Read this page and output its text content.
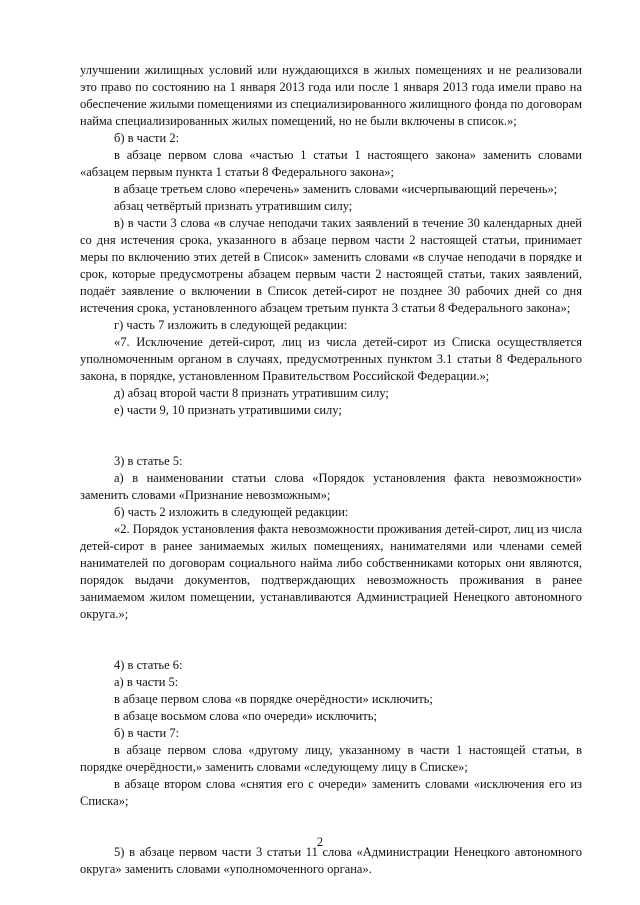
улучшении жилищных условий или нуждающихся в жилых помещениях и не реализовали это право по состоянию на 1 января 2013 года или после 1 января 2013 года имели право на обеспечение жилыми помещениями из специализированного жилищного фонда по договорам найма специализированных жилых помещений, но не были включены в список.»;

б) в части 2:

в абзаце первом слова «частью 1 статьи 1 настоящего закона» заменить словами «абзацем первым пункта 1 статьи 8 Федерального закона»;

в абзаце третьем слово «перечень» заменить словами «исчерпывающий перечень»;

абзац четвёртый признать утратившим силу;

в) в части 3 слова «в случае неподачи таких заявлений в течение 30 календарных дней со дня истечения срока, указанного в абзаце первом части 2 настоящей статьи, принимает меры по включению этих детей в Список» заменить словами «в случае неподачи в порядке и срок, которые предусмотрены абзацем первым части 2 настоящей статьи, таких заявлений, подаёт заявление о включении в Список детей-сирот не позднее 30 рабочих дней со дня истечения срока, установленного абзацем третьим пункта 3 статьи 8 Федерального закона»;

г) часть 7 изложить в следующей редакции:

«7. Исключение детей-сирот, лиц из числа детей-сирот из Списка осуществляется уполномоченным органом в случаях, предусмотренных пунктом 3.1 статьи 8 Федерального закона, в порядке, установленном Правительством Российской Федерации.»;

д) абзац второй части 8 признать утратившим силу;

е) части 9, 10 признать утратившими силу;

3) в статье 5:

а) в наименовании статьи слова «Порядок установления факта невозможности» заменить словами «Признание невозможным»;

б) часть 2 изложить в следующей редакции:

«2. Порядок установления факта невозможности проживания детей-сирот, лиц из числа детей-сирот в ранее занимаемых жилых помещениях, нанимателями или членами семей нанимателей по договорам социального найма либо собственниками которых они являются, порядок выдачи документов, подтверждающих невозможность проживания в ранее занимаемом жилом помещении, устанавливаются Администрацией Ненецкого автономного округа.»;

4) в статье 6:

а) в части 5:

в абзаце первом слова «в порядке очерёдности» исключить;

в абзаце восьмом слова «по очереди» исключить;

б) в части 7:

в абзаце первом слова «другому лицу, указанному в части 1 настоящей статьи, в порядке очерёдности,» заменить словами «следующему лицу в Списке»;

в абзаце втором слова «снятия его с очереди» заменить словами «исключения его из Списка»;

5) в абзаце первом части 3 статьи 11 слова «Администрации Ненецкого автономного округа» заменить словами «уполномоченного органа».

2
